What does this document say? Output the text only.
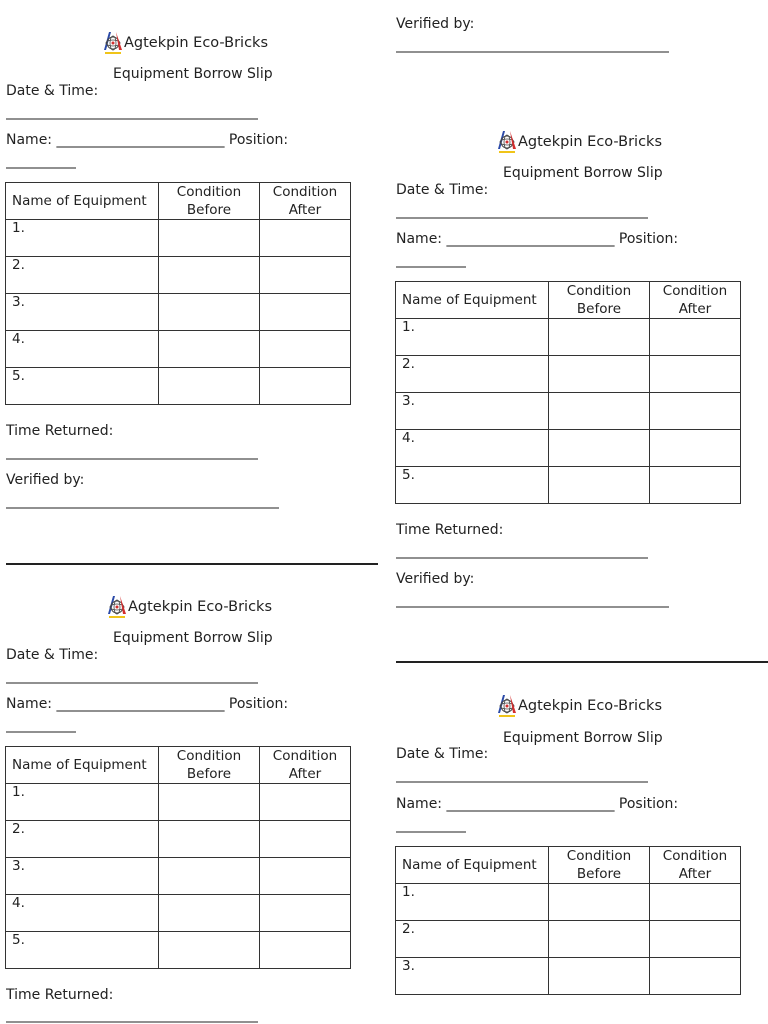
Verified by:
_______________________________________
Agtekpin Eco-Bricks
Equipment Borrow Slip
Date & Time:
____________________________________
Name: ________________________ Position:
__________
Name of Equipment	Condition Before	Condition After
1.		
2.		
3.		
4.		
5.		
Time Returned:
____________________________________
Verified by:
_______________________________________
Agtekpin Eco-Bricks
Equipment Borrow Slip
Date & Time:
____________________________________
Name: ________________________ Position:
__________
Name of Equipment	Condition Before	Condition After
1.		
2.		
3.		
4.		
5.		
Time Returned:
____________________________________
Verified by:
_______________________________________
Agtekpin Eco-Bricks
Equipment Borrow Slip
Date & Time:
____________________________________
Name: ________________________ Position:
__________
Name of Equipment	Condition Before	Condition After
1.		
2.		
3.		
4.		
5.		
Time Returned:
____________________________________
Agtekpin Eco-Bricks
Equipment Borrow Slip
Date & Time:
____________________________________
Name: ________________________ Position:
__________
Name of Equipment	Condition Before	Condition After
1.		
2.		
3.		
